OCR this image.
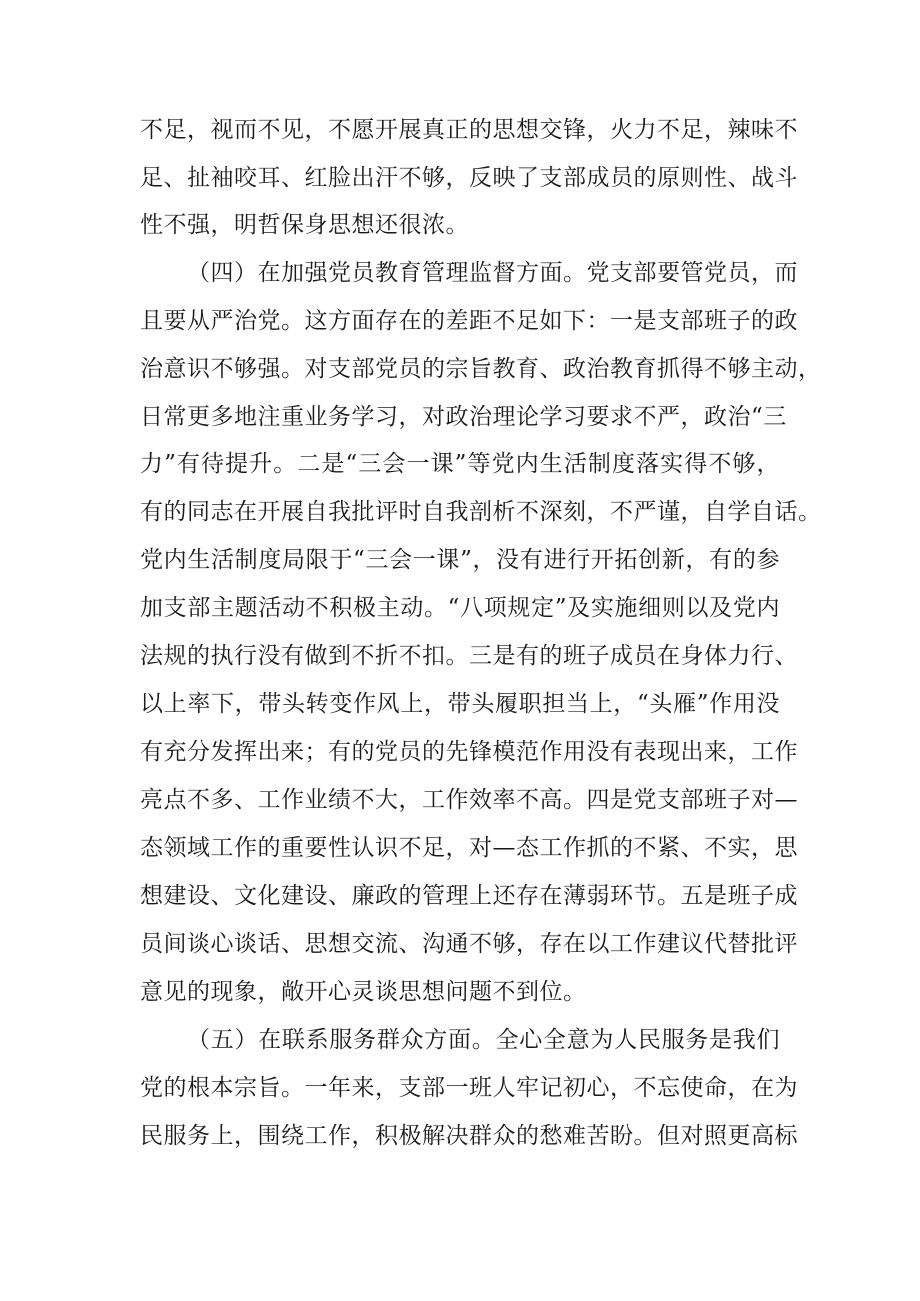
不足，视而不见，不愿开展真正的思想交锋，火力不足，辣味不
足、扯袖咬耳、红脸出汗不够，反映了支部成员的原则性、战斗
性不强，明哲保身思想还很浓。
（四）在加强党员教育管理监督方面。党支部要管党员，而
且要从严治党。这方面存在的差距不足如下：一是支部班子的政
治意识不够强。对支部党员的宗旨教育、政治教育抓得不够主动，
日常更多地注重业务学习，对政治理论学习要求不严，政治“三
力”有待提升。二是“三会一课”等党内生活制度落实得不够，
有的同志在开展自我批评时自我剖析不深刻，不严谨，自学自话。
党内生活制度局限于“三会一课”，没有进行开拓创新，有的参
加支部主题活动不积极主动。“八项规定”及实施细则以及党内
法规的执行没有做到不折不扣。三是有的班子成员在身体力行、
以上率下，带头转变作风上，带头履职担当上，“头雁”作用没
有充分发挥出来；有的党员的先锋模范作用没有表现出来，工作
亮点不多、工作业绩不大，工作效率不高。四是党支部班子对—
态领域工作的重要性认识不足，对—态工作抓的不紧、不实，思
想建设、文化建设、廉政的管理上还存在薄弱环节。五是班子成
员间谈心谈话、思想交流、沟通不够，存在以工作建议代替批评
意见的现象，敞开心灵谈思想问题不到位。
（五）在联系服务群众方面。全心全意为人民服务是我们
党的根本宗旨。一年来，支部一班人牢记初心，不忘使命，在为
民服务上，围绕工作，积极解决群众的愁难苦盼。但对照更高标
